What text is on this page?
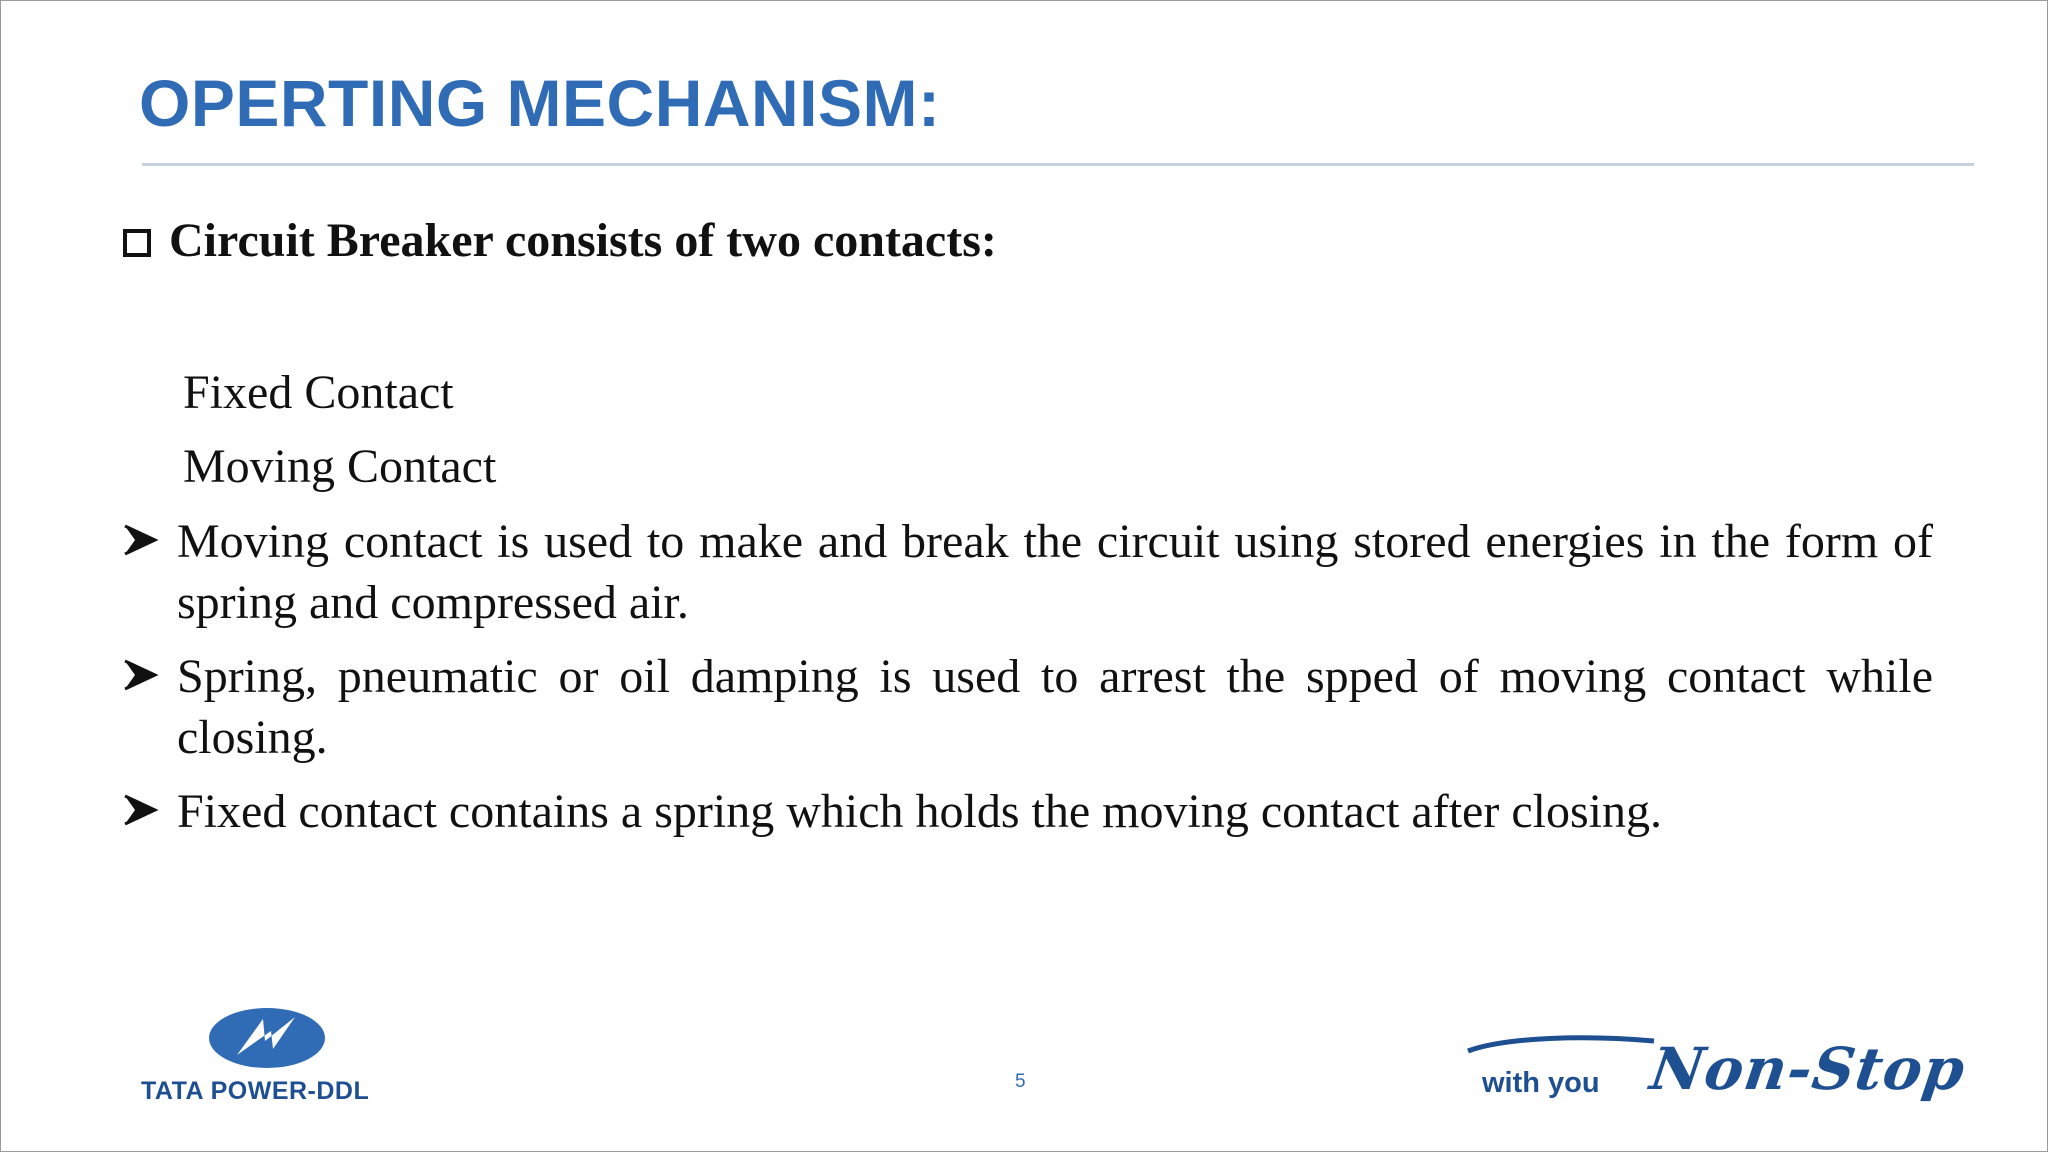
OPERTING MECHANISM:
Circuit Breaker consists of two contacts:
Fixed Contact
Moving Contact
Moving contact is used to make and break the circuit using stored energies in the form of spring and compressed air.
Spring, pneumatic or oil damping is used to arrest the spped of moving contact while closing.
Fixed contact contains a spring which holds the moving contact after closing.
TATA POWER-DDL	5	with you Non-Stop
